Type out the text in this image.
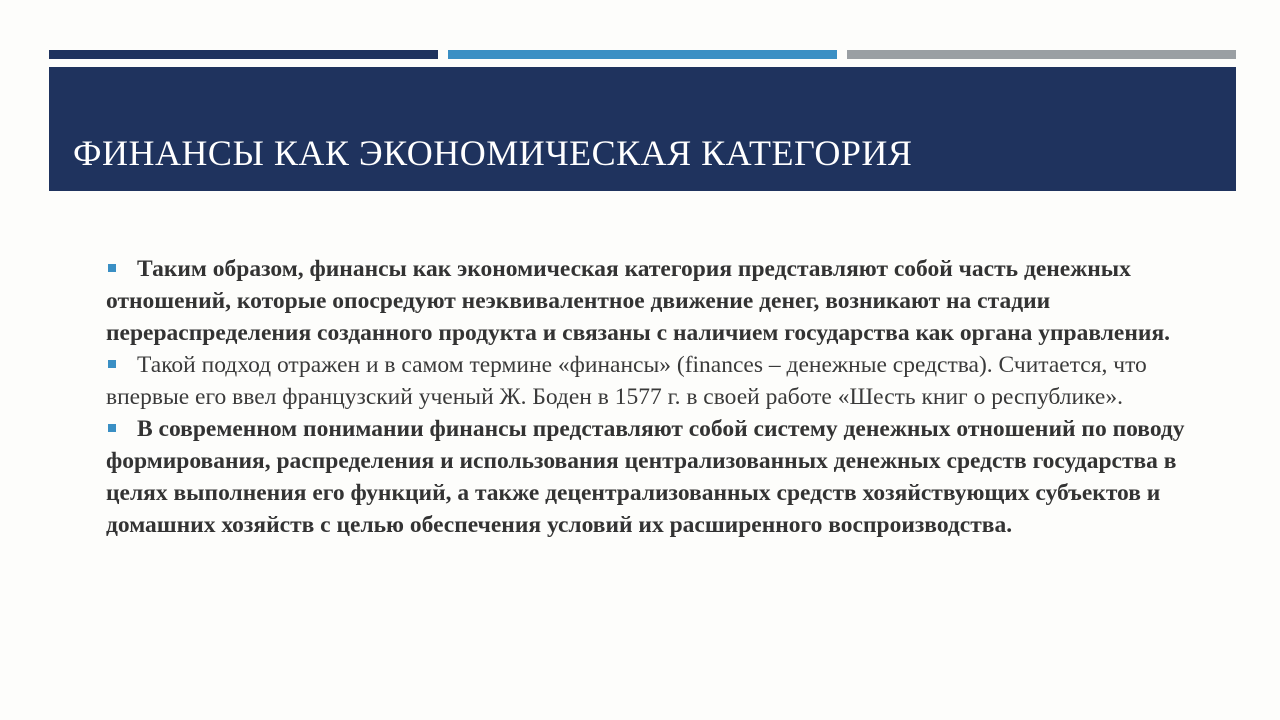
ФИНАНСЫ КАК ЭКОНОМИЧЕСКАЯ КАТЕГОРИЯ

Таким образом, финансы как экономическая категория представляют собой часть денежных отношений, которые опосредуют неэквивалентное движение денег, возникают на стадии перераспределения созданного продукта и связаны с наличием государства как органа управления.

Такой подход отражен и в самом термине «финансы» (finances – денежные средства). Считается, что впервые его ввел французский ученый Ж. Боден в 1577 г. в своей работе «Шесть книг о республике».

В современном понимании финансы представляют собой систему денежных отношений по поводу формирования, распределения и использования централизованных денежных средств государства в целях выполнения его функций, а также децентрализованных средств хозяйствующих субъектов и домашних хозяйств с целью обеспечения условий их расширенного воспроизводства.
